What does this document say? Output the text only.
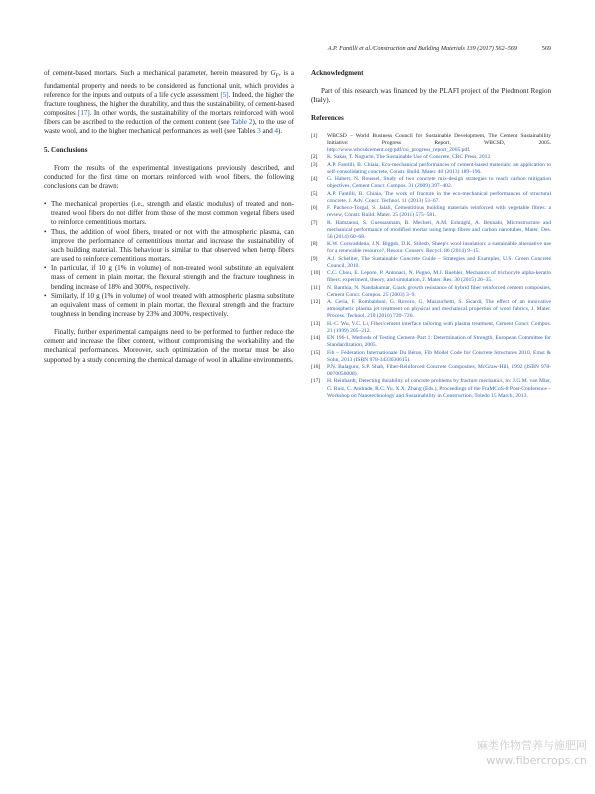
A.P. Fantilli et al./Construction and Building Materials 139 (2017) 562–569	569

of cement-based mortars. Such a mechanical parameter, herein measured by $G_F$, is a fundamental property and needs to be considered as functional unit, which provides a reference for the inputs and outputs of a life cycle assessment [5]. Indeed, the higher the fracture toughness, the higher the durability, and thus the sustainability, of cement-based composites [17]. In other words, the sustainability of the mortars reinforced with wool fibers can be ascribed to the reduction of the cement content (see Table 2), to the use of waste wool, and to the higher mechanical performances as well (see Tables 3 and 4).

5. Conclusions

From the results of the experimental investigations previously described, and conducted for the first time on mortars reinforced with wool fibers, the following conclusions can be drawn:

• The mechanical properties (i.e., strength and elastic modulus) of treated and non-treated wool fibers do not differ from those of the most common vegetal fibers used to reinforce cementitious mortars.
• Thus, the addition of wool fibers, treated or not with the atmospheric plasma, can improve the performance of cementitious mortar and increase the sustainability of such building material. This behaviour is similar to that observed when hemp fibers are used to reinforce cementitious mortars.
• In particular, if 10 g (1% in volume) of non-treated wool substitute an equivalent mass of cement in plain mortar, the flexural strength and the fracture toughness in bending increase of 18% and 300%, respectively.
• Similarly, if 10 g (1% in volume) of wool treated with atmospheric plasma substitute an equivalent mass of cement in plain mortar, the flexural strength and the fracture toughness in bending increase by 23% and 300%, respectively.

Finally, further experimental campaigns need to be performed to further reduce the cement and increase the fiber content, without compromising the workability and the mechanical performances. Moreover, such optimization of the mortar must be also supported by a study concerning the chemical damage of wool in alkaline environments.

Acknowledgment

Part of this research was financed by the PLAFI project of the Piedmont Region (Italy).

References

[1] WBCSD – World Business Council for Sustainable Development, The Cement Sustainability Initiative: Progress Report, WBCSD, 2005. http://www.wbcsdcement.org/pdf/csi_progress_report_2005.pdf.
[2] K. Sakai, T. Noguchi, The Sustainable Use of Concrete, CRC Press, 2012.
[3] A.P. Fantilli, B. Chiaia, Eco-mechanical performances of cement-based materials: an application to self-consolidating concrete, Constr. Build. Mater. 40 (2013) 189–196.
[4] G. Habert, N. Roussel, Study of two concrete mix-design strategies to reach carbon mitigation objectives, Cement Concr. Compos. 31 (2009) 397–402.
[5] A.P. Fantilli, B. Chiaia, The work of fracture in the eco-mechanical performances of structural concrete, J. Adv. Concr. Technol. 11 (2013) 53–67.
[6] F. Pacheco-Torgal, S. Jalali, Cementitious building materials reinforced with vegetable fibres: a review, Constr. Build. Mater. 25 (2011) 575–581.
[7] R. Hamzaoui, S. Guessasmam, B. Mecheri, A.M. Eshraghi, A. Bennabi, Microstructure and mechanical performance of modified mortar using hemp fibres and carbon nanotubes, Mater. Des. 56 (2014) 60–68.
[8] K.W. Corscaddena, J.N. Biggsb, D.K. Stilesb, Sheep's wool insulation: a sustainable alternative use for a renewable resource?, Resour. Conserv. Recycl. 86 (2014) 9–15.
[9] A.J. Scheliter, The Sustainable Concrete Guide – Strategies and Examples, U.S. Green Concrete Council, 2010.
[10] C.C. Chou, E. Lepore, P. Antonaci, N. Pugno, M.J. Buehler, Mechanics of trichocyte alpha-keratin fibers: experiment, theory, and simulation, J. Mater. Res. 30 (2015) 26–35.
[11] N. Banthia, N. Nandakumar, Crack growth resistance of hybrid fiber reinforced cement composites, Cement Concr. Compos. 25 (2003) 3–9.
[12] A. Ceria, F. Rombaldoni, G. Rovero, G. Mazzuchetti, S. Sicardi, The effect of an innovative atmospheric plasma jet treatment on physical and mechanical properties of wool fabrics, J. Mater. Process. Technol. 210 (2010) 720–726.
[13] H.-C. Wu, V.C. Li, Fiber/cement interface tailoring with plasma treatment, Cement Concr. Compos. 21 (1999) 205–212.
[14] EN 196-1, Methods of Testing Cement–Part 1: Determination of Strength, European Committee for Standardization, 2005.
[15] Fib – Fédération Internationale Du Béton, Fib Model Code for Concrete Structures 2010, Ernst & Sohn, 2013 (ISBN 978-3433030615).
[16] P.N. Balaguru, S.P. Shah, Fiber-Reinforced Concrete Composites, McGraw-Hill, 1992 (ISBN 978-0070056008).
[17] H. Reinhardt, Detecting durability of concrete problems by fracture mechanics, in: J.G.M. van Mier, G. Ruiz, C. Andrade, R.C. Yu, X.X. Zhang (Eds.), Proceedings of the FraMCoS-8 Post-Conference – Workshop on Nanotechnology and Sustainability in Construction, Toledo 15 March, 2013.
麻类作物营养与施肥网
www.fibercrops.cn
